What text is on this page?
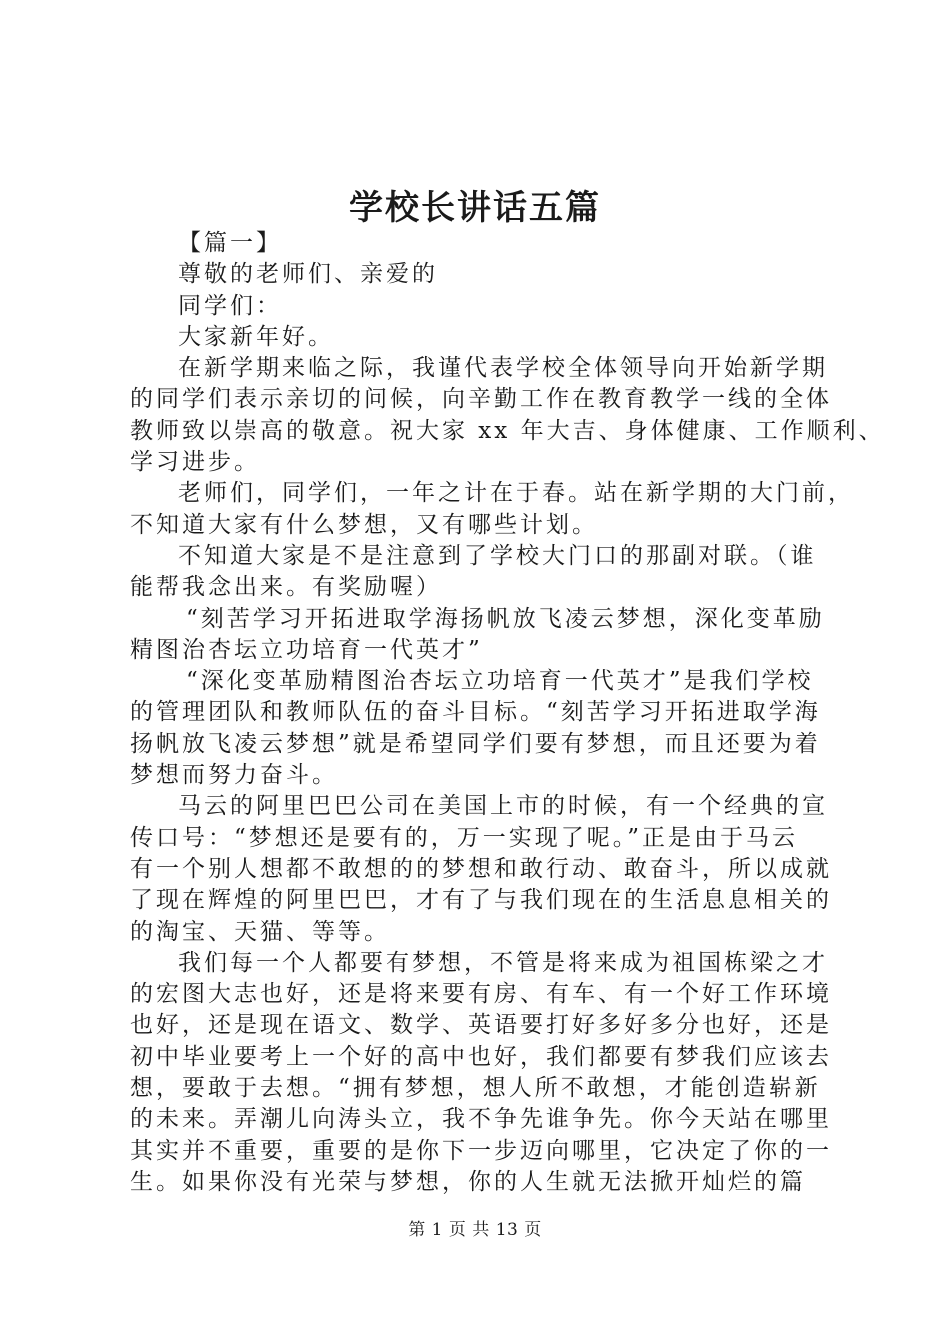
学校长讲话五篇
【篇一】
尊敬的老师们、亲爱的
同学们：
大家新年好。
在新学期来临之际，我谨代表学校全体领导向开始新学期
的同学们表示亲切的问候，向辛勤工作在教育教学一线的全体
教师致以崇高的敬意。祝大家 xx 年大吉、身体健康、工作顺利、
学习进步。
老师们，同学们，一年之计在于春。站在新学期的大门前，
不知道大家有什么梦想，又有哪些计划。
不知道大家是不是注意到了学校大门口的那副对联。（谁
能帮我念出来。有奖励喔）
“刻苦学习开拓进取学海扬帆放飞凌云梦想，深化变革励
精图治杏坛立功培育一代英才”
“深化变革励精图治杏坛立功培育一代英才”是我们学校
的管理团队和教师队伍的奋斗目标。“刻苦学习开拓进取学海
扬帆放飞凌云梦想”就是希望同学们要有梦想，而且还要为着
梦想而努力奋斗。
马云的阿里巴巴公司在美国上市的时候，有一个经典的宣
传口号：“梦想还是要有的，万一实现了呢。”正是由于马云
有一个别人想都不敢想的的梦想和敢行动、敢奋斗，所以成就
了现在辉煌的阿里巴巴，才有了与我们现在的生活息息相关的
的淘宝、天猫、等等。
我们每一个人都要有梦想，不管是将来成为祖国栋梁之才
的宏图大志也好，还是将来要有房、有车、有一个好工作环境
也好，还是现在语文、数学、英语要打好多好多分也好，还是
初中毕业要考上一个好的高中也好，我们都要有梦我们应该去
想，要敢于去想。“拥有梦想，想人所不敢想，才能创造崭新
的未来。弄潮儿向涛头立，我不争先谁争先。你今天站在哪里
其实并不重要，重要的是你下一步迈向哪里，它决定了你的一
生。如果你没有光荣与梦想，你的人生就无法掀开灿烂的篇
第 1 页 共 13 页
